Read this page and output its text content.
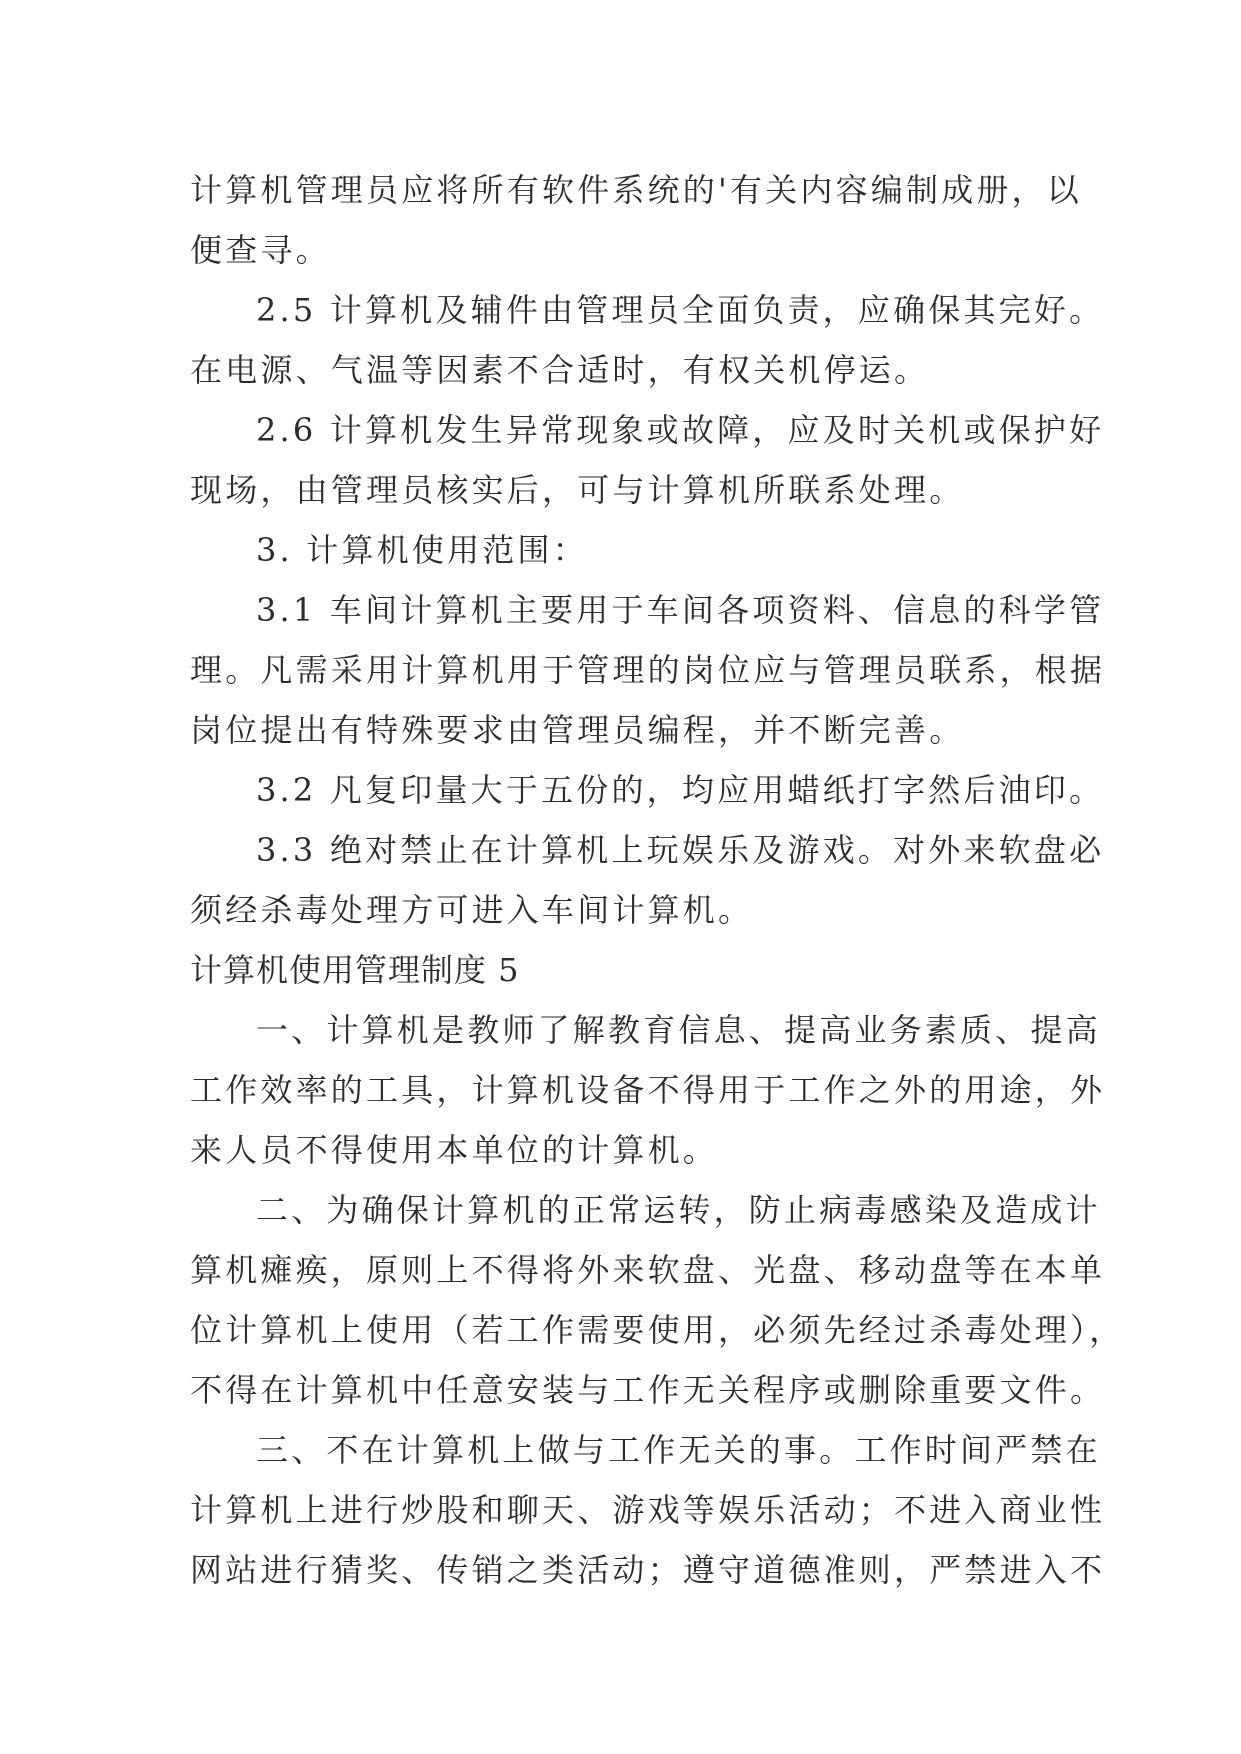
计算机管理员应将所有软件系统的'有关内容编制成册，以
便查寻。
2.5 计算机及辅件由管理员全面负责，应确保其完好。
在电源、气温等因素不合适时，有权关机停运。
2.6 计算机发生异常现象或故障，应及时关机或保护好
现场，由管理员核实后，可与计算机所联系处理。
3. 计算机使用范围：
3.1 车间计算机主要用于车间各项资料、信息的科学管
理。凡需采用计算机用于管理的岗位应与管理员联系，根据
岗位提出有特殊要求由管理员编程，并不断完善。
3.2 凡复印量大于五份的，均应用蜡纸打字然后油印。
3.3 绝对禁止在计算机上玩娱乐及游戏。对外来软盘必
须经杀毒处理方可进入车间计算机。
计算机使用管理制度 5
一、计算机是教师了解教育信息、提高业务素质、提高
工作效率的工具，计算机设备不得用于工作之外的用途，外
来人员不得使用本单位的计算机。
二、为确保计算机的正常运转，防止病毒感染及造成计
算机瘫痪，原则上不得将外来软盘、光盘、移动盘等在本单
位计算机上使用（若工作需要使用，必须先经过杀毒处理），
不得在计算机中任意安装与工作无关程序或删除重要文件。
三、不在计算机上做与工作无关的事。工作时间严禁在
计算机上进行炒股和聊天、游戏等娱乐活动；不进入商业性
网站进行猜奖、传销之类活动；遵守道德准则，严禁进入不
